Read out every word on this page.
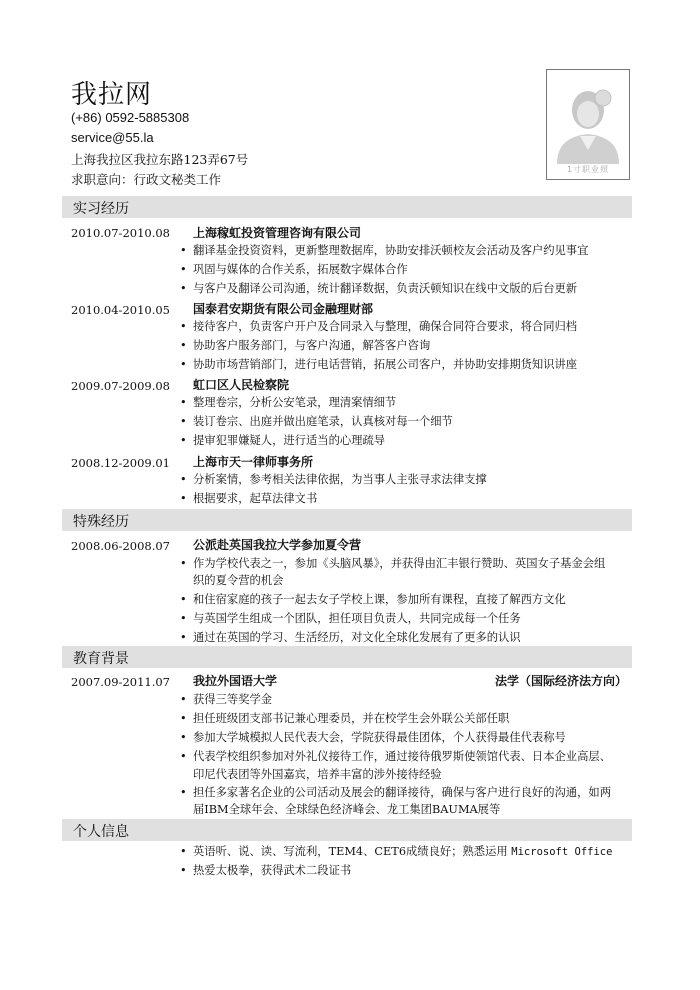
我拉网
(+86) 0592-5885308
service@55.la
上海我拉区我拉东路123弄67号
求职意向：行政文秘类工作
1寸职业照
实习经历
2010.07-2010.08 上海稼虹投资管理咨询有限公司
• 翻译基金投资资料，更新整理数据库，协助安排沃顿校友会活动及客户约见事宜
• 巩固与媒体的合作关系，拓展数字媒体合作
• 与客户及翻译公司沟通，统计翻译数据，负责沃顿知识在线中文版的后台更新
2010.04-2010.05 国泰君安期货有限公司金融理财部
• 接待客户，负责客户开户及合同录入与整理，确保合同符合要求，将合同归档
• 协助客户服务部门，与客户沟通，解答客户咨询
• 协助市场营销部门，进行电话营销，拓展公司客户，并协助安排期货知识讲座
2009.07-2009.08 虹口区人民检察院
• 整理卷宗，分析公安笔录，理清案情细节
• 装订卷宗、出庭并做出庭笔录，认真核对每一个细节
• 提审犯罪嫌疑人，进行适当的心理疏导
2008.12-2009.01 上海市天一律师事务所
• 分析案情，参考相关法律依据，为当事人主张寻求法律支撑
• 根据要求，起草法律文书
特殊经历
2008.06-2008.07 公派赴英国我拉大学参加夏令营
• 作为学校代表之一，参加《头脑风暴》，并获得由汇丰银行赞助、英国女子基金会组
织的夏令营的机会
• 和住宿家庭的孩子一起去女子学校上课，参加所有课程，直接了解西方文化
• 与英国学生组成一个团队，担任项目负责人，共同完成每一个任务
• 通过在英国的学习、生活经历，对文化全球化发展有了更多的认识
教育背景
2007.09-2011.07 我拉外国语大学	法学（国际经济法方向）
• 获得三等奖学金
• 担任班级团支部书记兼心理委员，并在校学生会外联公关部任职
• 参加大学城模拟人民代表大会，学院获得最佳团体，个人获得最佳代表称号
• 代表学校组织参加对外礼仪接待工作，通过接待俄罗斯使领馆代表、日本企业高层、
印尼代表团等外国嘉宾，培养丰富的涉外接待经验
• 担任多家著名企业的公司活动及展会的翻译接待，确保与客户进行良好的沟通，如两
届IBM全球年会、全球绿色经济峰会、龙工集团BAUMA展等
个人信息
• 英语听、说、读、写流利，TEM4、CET6成绩良好；熟悉运用 Microsoft Office
• 热爱太极拳，获得武术二段证书
